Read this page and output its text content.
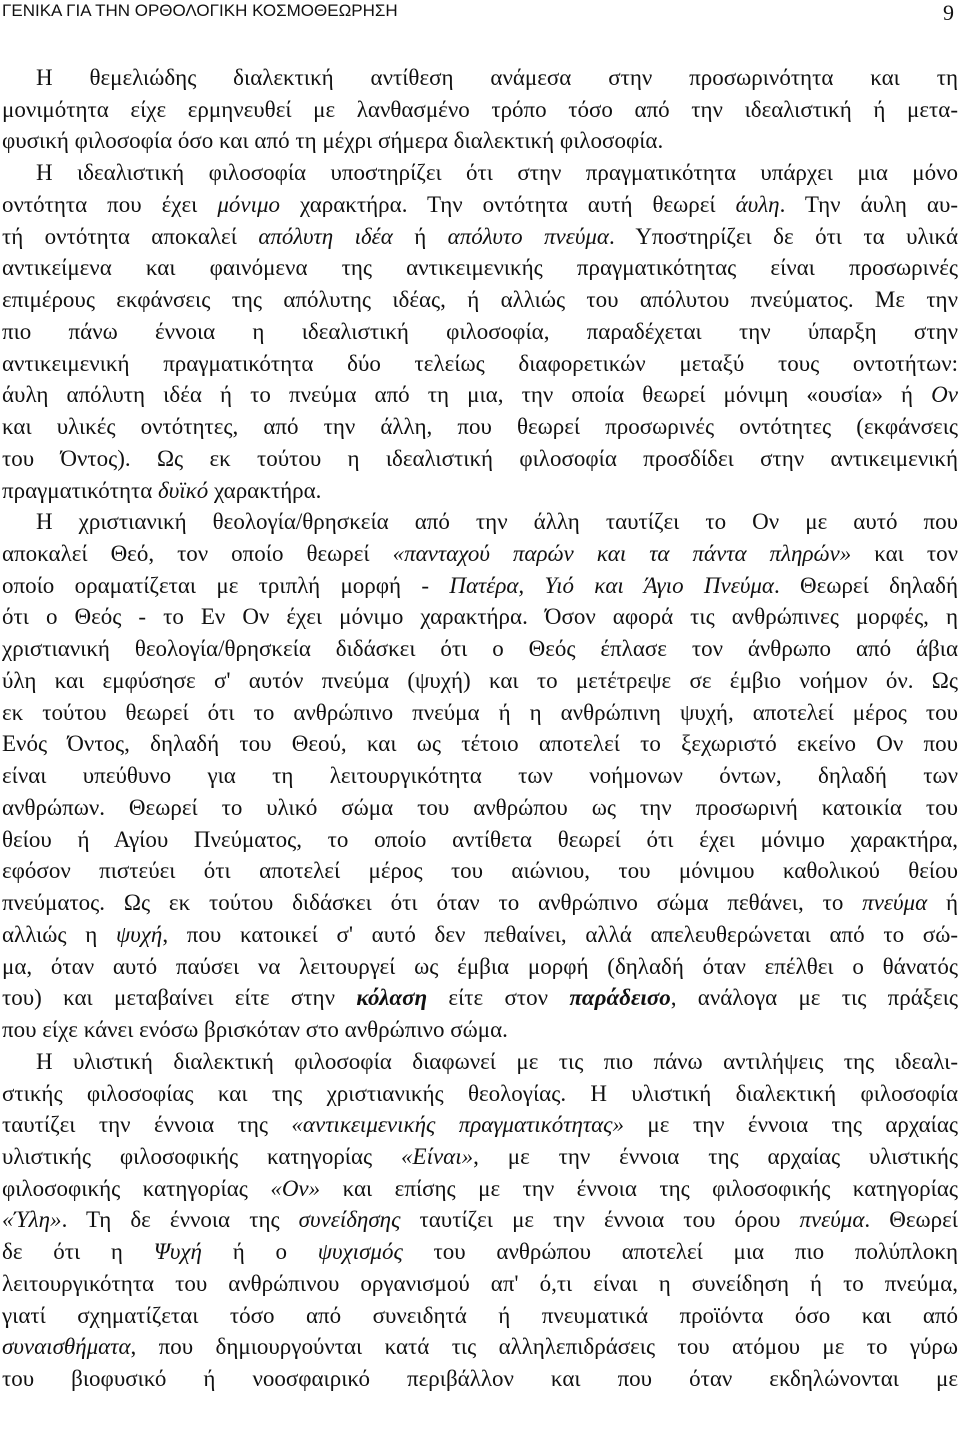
ΓΕΝΙΚΑ ΓΙΑ ΤΗΝ ΟΡΘΟΛΟΓΙΚΗ ΚΟΣΜΟΘΕΩΡΗΣΗ	9
Η θεμελιώδης διαλεκτική αντίθεση ανάμεσα στην προσωρινότητα και τη
μονιμότητα είχε ερμηνευθεί με λανθασμένο τρόπο τόσο από την ιδεαλιστική ή μετα-
φυσική φιλοσοφία όσο και από τη μέχρι σήμερα διαλεκτική φιλοσοφία.
Η ιδεαλιστική φιλοσοφία υποστηρίζει ότι στην πραγματικότητα υπάρχει μια μόνο
οντότητα που έχει μόνιμο χαρακτήρα. Την οντότητα αυτή θεωρεί άυλη. Την άυλη αυ-
τή οντότητα αποκαλεί απόλυτη ιδέα ή απόλυτο πνεύμα. Υποστηρίζει δε ότι τα υλικά
αντικείμενα και φαινόμενα της αντικειμενικής πραγματικότητας είναι προσωρινές
επιμέρους εκφάνσεις της απόλυτης ιδέας, ή αλλιώς του απόλυτου πνεύματος. Με την
πιο πάνω έννοια η ιδεαλιστική φιλοσοφία, παραδέχεται την ύπαρξη στην
αντικειμενική πραγματικότητα δύο τελείως διαφορετικών μεταξύ τους οντοτήτων:
άυλη απόλυτη ιδέα ή το πνεύμα από τη μια, την οποία θεωρεί μόνιμη «ουσία» ή Ον
και υλικές οντότητες, από την άλλη, που θεωρεί προσωρινές οντότητες (εκφάνσεις
του Όντος). Ως εκ τούτου η ιδεαλιστική φιλοσοφία προσδίδει στην αντικειμενική
πραγματικότητα δυϊκό χαρακτήρα.
Η χριστιανική θεολογία/θρησκεία από την άλλη ταυτίζει το Ον με αυτό που
αποκαλεί Θεό, τον οποίο θεωρεί «πανταχού παρών και τα πάντα πληρών» και τον
οποίο οραματίζεται με τριπλή μορφή - Πατέρα, Υιό και Άγιο Πνεύμα. Θεωρεί δηλαδή
ότι ο Θεός - το Εν Ον έχει μόνιμο χαρακτήρα. Όσον αφορά τις ανθρώπινες μορφές, η
χριστιανική θεολογία/θρησκεία διδάσκει ότι ο Θεός έπλασε τον άνθρωπο από άβια
ύλη και εμφύσησε σ' αυτόν πνεύμα (ψυχή) και το μετέτρεψε σε έμβιο νοήμον όν. Ως
εκ τούτου θεωρεί ότι το ανθρώπινο πνεύμα ή η ανθρώπινη ψυχή, αποτελεί μέρος του
Ενός Όντος, δηλαδή του Θεού, και ως τέτοιο αποτελεί το ξεχωριστό εκείνο Ον που
είναι υπεύθυνο για τη λειτουργικότητα των νοήμονων όντων, δηλαδή των
ανθρώπων. Θεωρεί το υλικό σώμα του ανθρώπου ως την προσωρινή κατοικία του
θείου ή Αγίου Πνεύματος, το οποίο αντίθετα θεωρεί ότι έχει μόνιμο χαρακτήρα,
εφόσον πιστεύει ότι αποτελεί μέρος του αιώνιου, του μόνιμου καθολικού θείου
πνεύματος. Ως εκ τούτου διδάσκει ότι όταν το ανθρώπινο σώμα πεθάνει, το πνεύμα ή
αλλιώς η ψυχή, που κατοικεί σ' αυτό δεν πεθαίνει, αλλά απελευθερώνεται από το σώ-
μα, όταν αυτό παύσει να λειτουργεί ως έμβια μορφή (δηλαδή όταν επέλθει ο θάνατός
του) και μεταβαίνει είτε στην κόλαση είτε στον παράδεισο, ανάλογα με τις πράξεις
που είχε κάνει ενόσω βρισκόταν στο ανθρώπινο σώμα.
Η υλιστική διαλεκτική φιλοσοφία διαφωνεί με τις πιο πάνω αντιλήψεις της ιδεαλι-
στικής φιλοσοφίας και της χριστιανικής θεολογίας. Η υλιστική διαλεκτική φιλοσοφία
ταυτίζει την έννοια της «αντικειμενικής πραγματικότητας» με την έννοια της αρχαίας
υλιστικής φιλοσοφικής κατηγορίας «Είναι», με την έννοια της αρχαίας υλιστικής
φιλοσοφικής κατηγορίας «Ον» και επίσης με την έννοια της φιλοσοφικής κατηγορίας
«Ύλη». Τη δε έννοια της συνείδησης ταυτίζει με την έννοια του όρου πνεύμα. Θεωρεί
δε ότι η Ψυχή ή ο ψυχισμός του ανθρώπου αποτελεί μια πιο πολύπλοκη
λειτουργικότητα του ανθρώπινου οργανισμού απ' ό,τι είναι η συνείδηση ή το πνεύμα,
γιατί σχηματίζεται τόσο από συνειδητά ή πνευματικά προϊόντα όσο και από
συναισθήματα, που δημιουργούνται κατά τις αλληλεπιδράσεις του ατόμου με το γύρω
του βιοφυσικό ή νοοσφαιρικό περιβάλλον και που όταν εκδηλώνονται με
